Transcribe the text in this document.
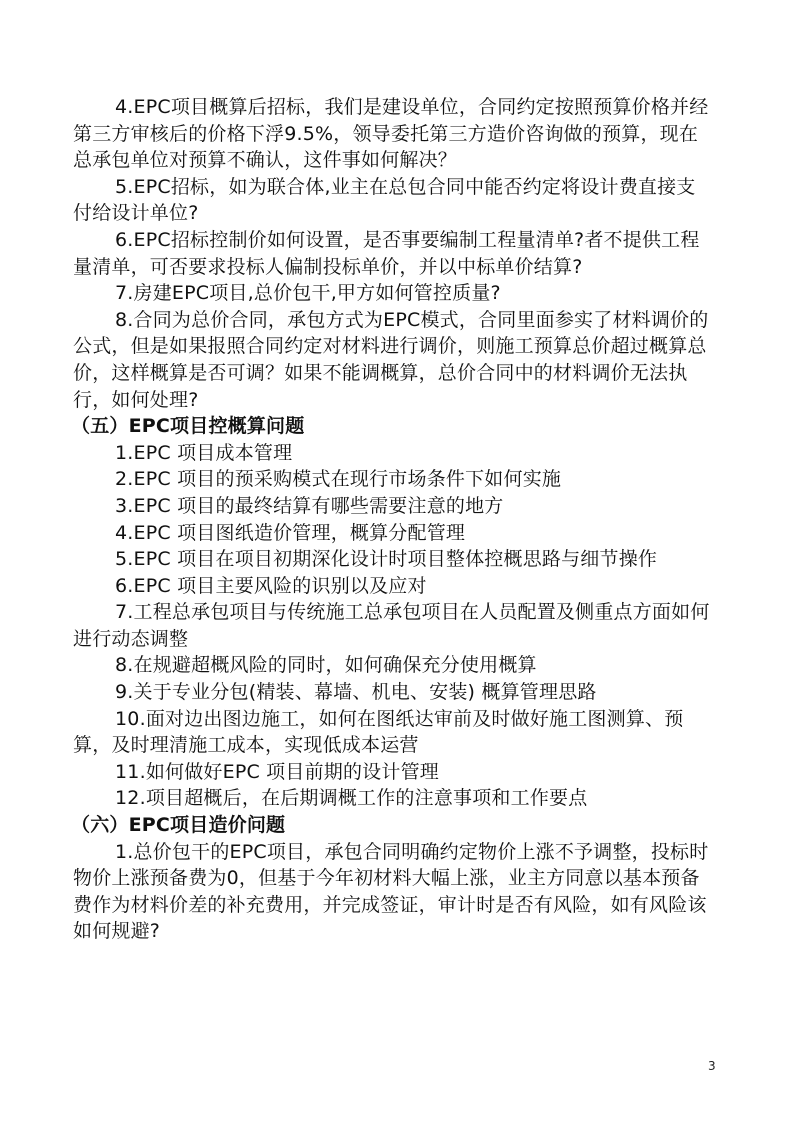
4.EPC项目概算后招标，我们是建设单位，合同约定按照预算价格并经第三方审核后的价格下浮9.5%，领导委托第三方造价咨询做的预算，现在总承包单位对预算不确认，这件事如何解决？

5.EPC招标，如为联合体,业主在总包合同中能否约定将设计费直接支付给设计单位?

6.EPC招标控制价如何设置，是否事要编制工程量清单?者不提供工程量清单，可否要求投标人偏制投标单价，并以中标单价结算?

7.房建EPC项目,总价包干,甲方如何管控质量?

8.合同为总价合同，承包方式为EPC模式，合同里面参实了材料调价的公式，但是如果报照合同约定对材料进行调价，则施工预算总价超过概算总价，这样概算是否可调？如果不能调概算，总价合同中的材料调价无法执行，如何处理?

（五）EPC项目控概算问题

1.EPC 项目成本管理

2.EPC 项目的预采购模式在现行市场条件下如何实施

3.EPC 项目的最终结算有哪些需要注意的地方

4.EPC 项目图纸造价管理，概算分配管理

5.EPC 项目在项目初期深化设计时项目整体控概思路与细节操作

6.EPC 项目主要风险的识别以及应对

7.工程总承包项目与传统施工总承包项目在人员配置及侧重点方面如何进行动态调整

8.在规避超概风险的同时，如何确保充分使用概算

9.关于专业分包(精装、幕墙、机电、安装) 概算管理思路

10.面对边出图边施工，如何在图纸达审前及时做好施工图测算、预算，及时理清施工成本，实现低成本运营

11.如何做好EPC 项目前期的设计管理

12.项目超概后，在后期调概工作的注意事项和工作要点

（六）EPC项目造价问题

1.总价包干的EPC项目，承包合同明确约定物价上涨不予调整，投标时物价上涨预备费为0，但基于今年初材料大幅上涨，业主方同意以基本预备费作为材料价差的补充费用，并完成签证，审计时是否有风险，如有风险该如何规避?

3
